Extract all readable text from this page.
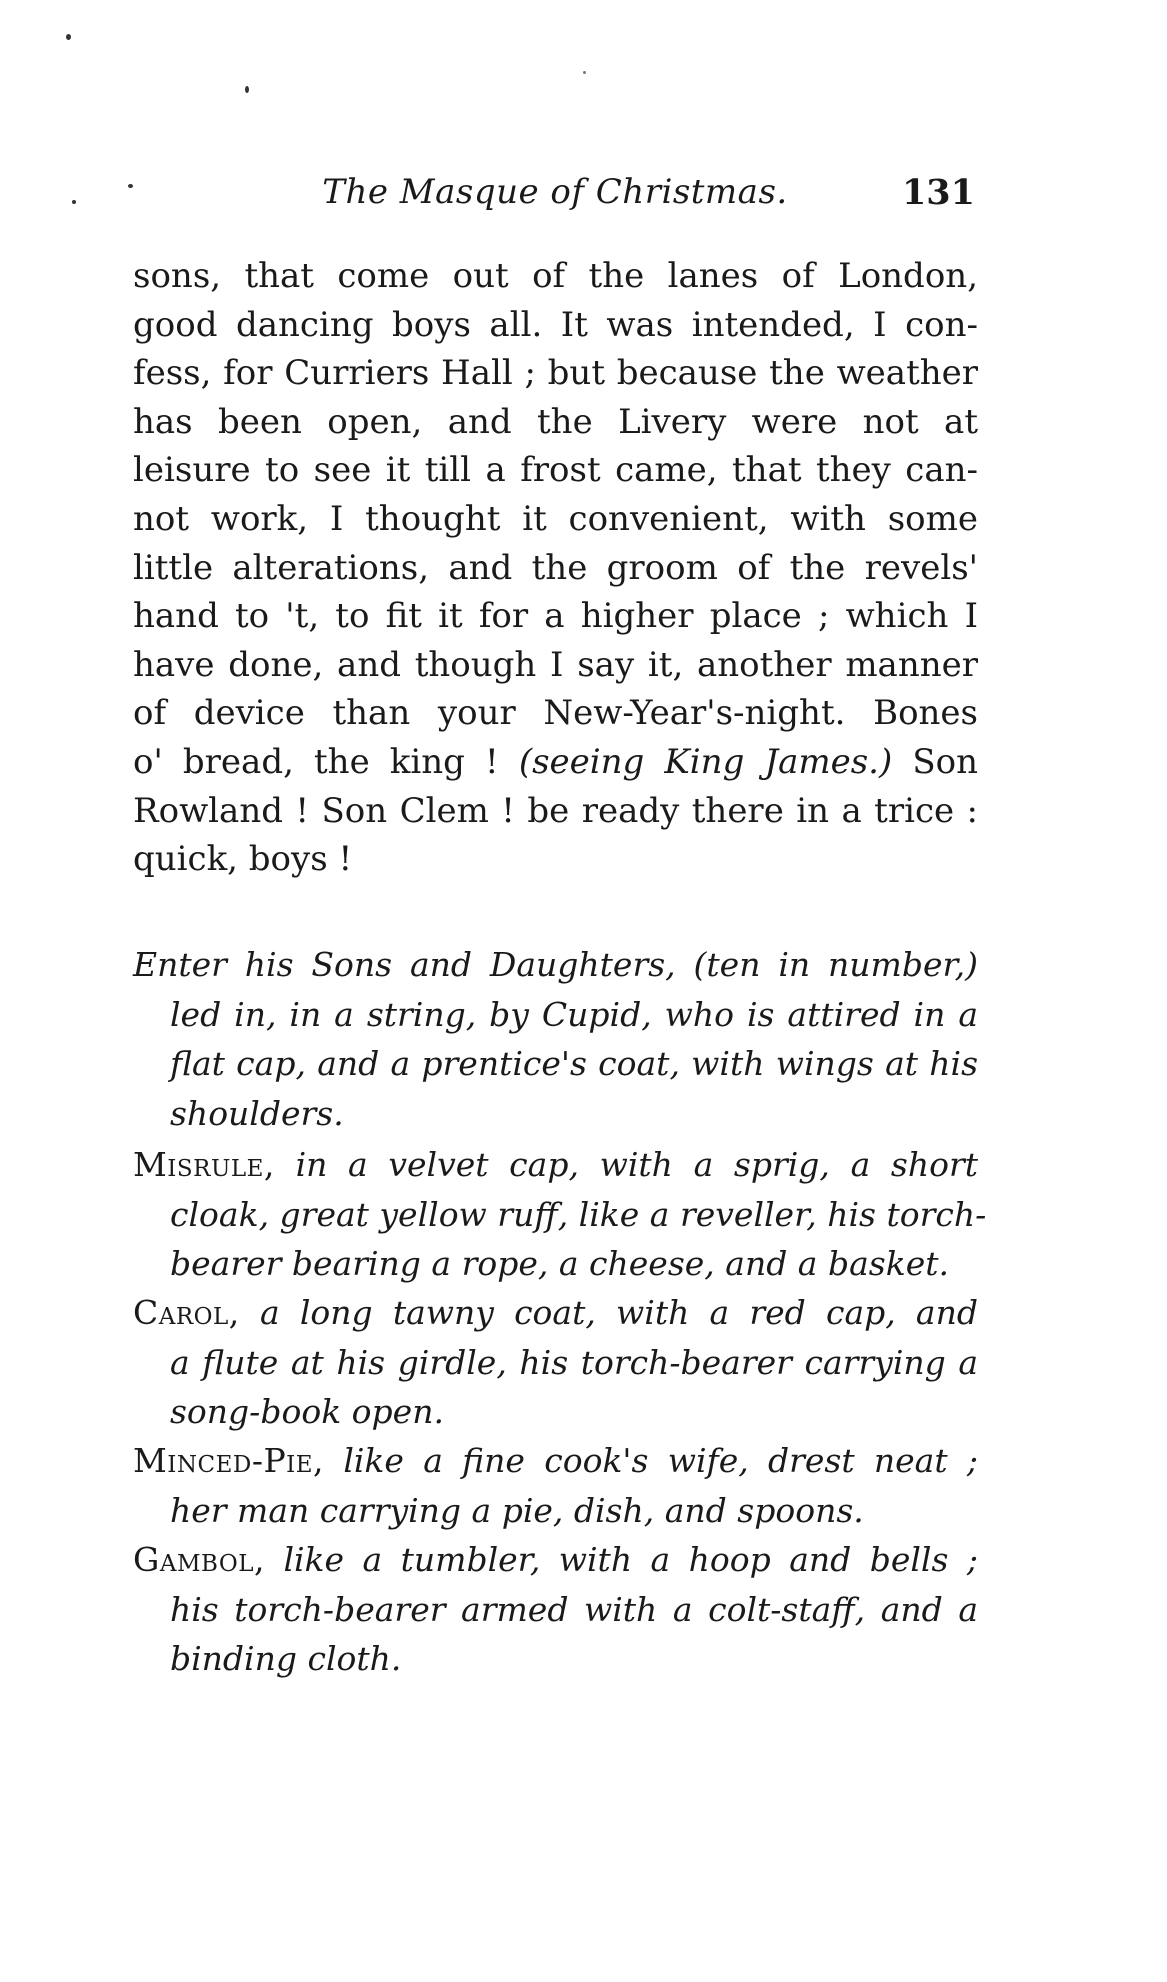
The Masque of Christmas.	131
sons, that come out of the lanes of London,
good dancing boys all. It was intended, I con-
fess, for Curriers Hall ; but because the weather
has been open, and the Livery were not at
leisure to see it till a frost came, that they can-
not work, I thought it convenient, with some
little alterations, and the groom of the revels'
hand to 't, to fit it for a higher place ; which I
have done, and though I say it, another manner
of device than your New-Year's-night. Bones
o' bread, the king ! (seeing King James.) Son
Rowland ! Son Clem ! be ready there in a trice :
quick, boys !
Enter his Sons and Daughters, (ten in number,)
led in, in a string, by Cupid, who is attired in a
flat cap, and a prentice's coat, with wings at his
shoulders.
Misrule, in a velvet cap, with a sprig, a short
cloak, great yellow ruff, like a reveller, his torch-
bearer bearing a rope, a cheese, and a basket.
Carol, a long tawny coat, with a red cap, and
a flute at his girdle, his torch-bearer carrying a
song-book open.
Minced-Pie, like a fine cook's wife, drest neat ;
her man carrying a pie, dish, and spoons.
Gambol, like a tumbler, with a hoop and bells ;
his torch-bearer armed with a colt-staff, and a
binding cloth.
